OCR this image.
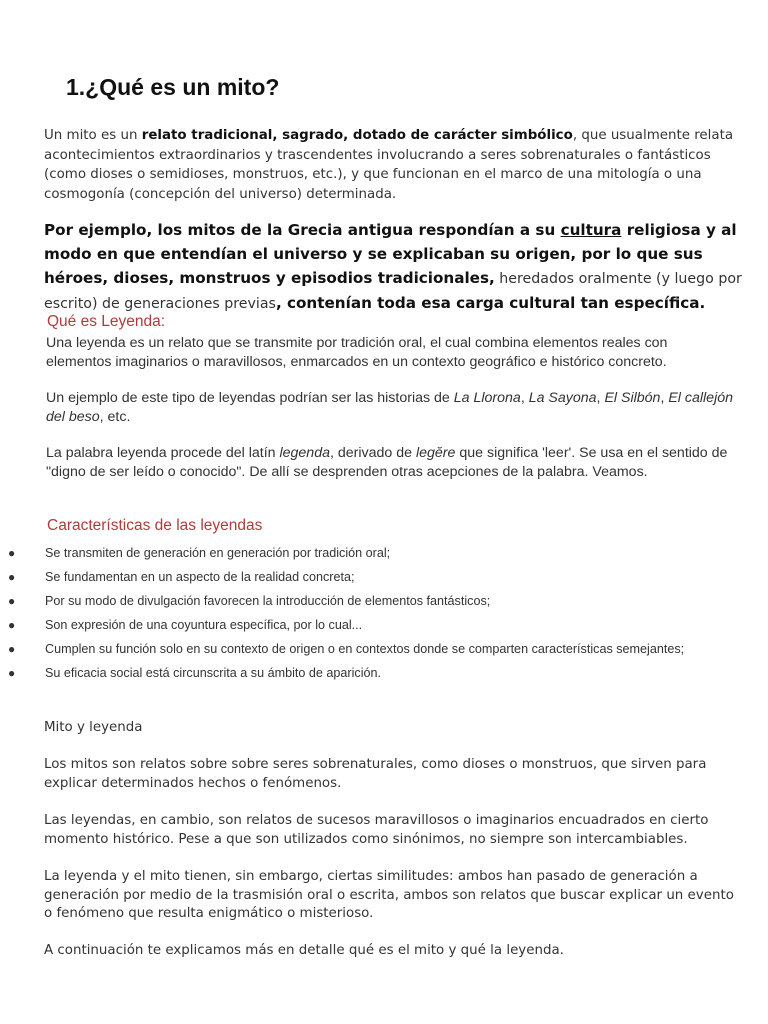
1.¿Qué es un mito?

Un mito es un relato tradicional, sagrado, dotado de carácter simbólico, que usualmente relata acontecimientos extraordinarios y trascendentes involucrando a seres sobrenaturales o fantásticos (como dioses o semidioses, monstruos, etc.), y que funcionan en el marco de una mitología o una cosmogonía (concepción del universo) determinada.

Por ejemplo, los mitos de la Grecia antigua respondían a su cultura religiosa y al modo en que entendían el universo y se explicaban su origen, por lo que sus héroes, dioses, monstruos y episodios tradicionales, heredados oralmente (y luego por escrito) de generaciones previas, contenían toda esa carga cultural tan específica.

Qué es Leyenda:

Una leyenda es un relato que se transmite por tradición oral, el cual combina elementos reales con elementos imaginarios o maravillosos, enmarcados en un contexto geográfico e histórico concreto.

Un ejemplo de este tipo de leyendas podrían ser las historias de La Llorona, La Sayona, El Silbón, El callejón del beso, etc.

La palabra leyenda procede del latín legenda, derivado de legĕre que significa 'leer'. Se usa en el sentido de "digno de ser leído o conocido". De allí se desprenden otras acepciones de la palabra. Veamos.

Características de las leyendas
● Se transmiten de generación en generación por tradición oral;
● Se fundamentan en un aspecto de la realidad concreta;
● Por su modo de divulgación favorecen la introducción de elementos fantásticos;
● Son expresión de una coyuntura específica, por lo cual...
● Cumplen su función solo en su contexto de origen o en contextos donde se comparten características semejantes;
● Su eficacia social está circunscrita a su ámbito de aparición.

Mito y leyenda

Los mitos son relatos sobre sobre seres sobrenaturales, como dioses o monstruos, que sirven para explicar determinados hechos o fenómenos.

Las leyendas, en cambio, son relatos de sucesos maravillosos o imaginarios encuadrados en cierto momento histórico. Pese a que son utilizados como sinónimos, no siempre son intercambiables.

La leyenda y el mito tienen, sin embargo, ciertas similitudes: ambos han pasado de generación a generación por medio de la trasmisión oral o escrita, ambos son relatos que buscar explicar un evento o fenómeno que resulta enigmático o misterioso.

A continuación te explicamos más en detalle qué es el mito y qué la leyenda.
